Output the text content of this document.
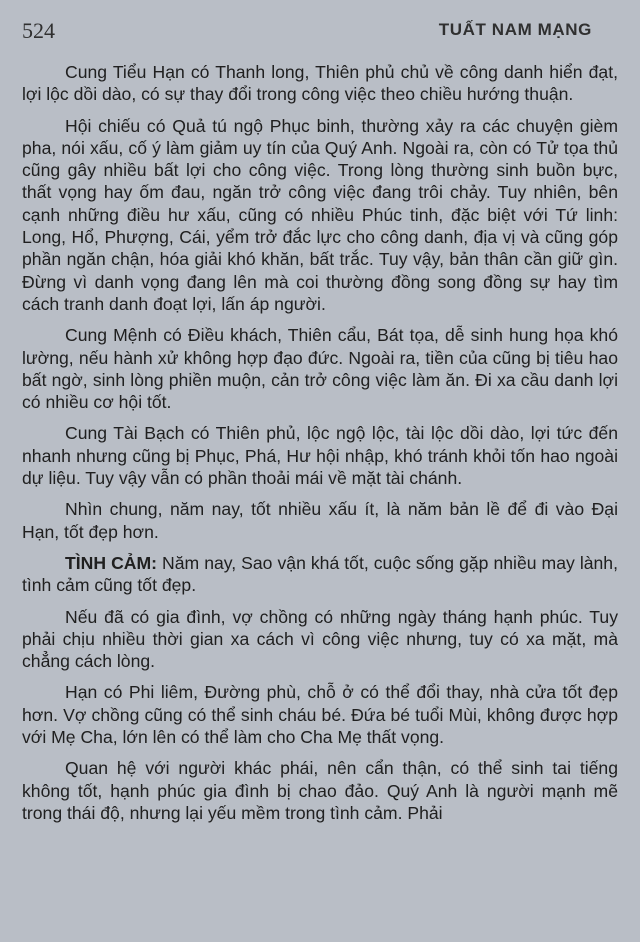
524	TUẤT NAM MẠNG

Cung Tiểu Hạn có Thanh long, Thiên phủ chủ về công danh hiển đạt, lợi lộc dồi dào, có sự thay đổi trong công việc theo chiều hướng thuận.

Hội chiếu có Quả tú ngộ Phục binh, thường xảy ra các chuyện gièm pha, nói xấu, cố ý làm giảm uy tín của Quý Anh. Ngoài ra, còn có Tử tọa thủ cũng gây nhiều bất lợi cho công việc. Trong lòng thường sinh buồn bực, thất vọng hay ốm đau, ngăn trở công việc đang trôi chảy. Tuy nhiên, bên cạnh những điều hư xấu, cũng có nhiều Phúc tinh, đặc biệt với Tứ linh: Long, Hổ, Phượng, Cái, yểm trở đắc lực cho công danh, địa vị và cũng góp phần ngăn chận, hóa giải khó khăn, bất trắc. Tuy vậy, bản thân cần giữ gìn. Đừng vì danh vọng đang lên mà coi thường đồng song đồng sự hay tìm cách tranh danh đoạt lợi, lấn áp người.

Cung Mệnh có Điều khách, Thiên cẩu, Bát tọa, dễ sinh hung họa khó lường, nếu hành xử không hợp đạo đức. Ngoài ra, tiền của cũng bị tiêu hao bất ngờ, sinh lòng phiền muộn, cản trở công việc làm ăn. Đi xa cầu danh lợi có nhiều cơ hội tốt.

Cung Tài Bạch có Thiên phủ, lộc ngộ lộc, tài lộc dồi dào, lợi tức đến nhanh nhưng cũng bị Phục, Phá, Hư hội nhập, khó tránh khỏi tốn hao ngoài dự liệu. Tuy vậy vẫn có phần thoải mái về mặt tài chánh.

Nhìn chung, năm nay, tốt nhiều xấu ít, là năm bản lề để đi vào Đại Hạn, tốt đẹp hơn.

TÌNH CẢM: Năm nay, Sao vận khá tốt, cuộc sống gặp nhiều may lành, tình cảm cũng tốt đẹp.

Nếu đã có gia đình, vợ chồng có những ngày tháng hạnh phúc. Tuy phải chịu nhiều thời gian xa cách vì công việc nhưng, tuy có xa mặt, mà chẳng cách lòng.

Hạn có Phi liêm, Đường phù, chỗ ở có thể đổi thay, nhà cửa tốt đẹp hơn. Vợ chồng cũng có thể sinh cháu bé. Đứa bé tuổi Mùi, không được hợp với Mẹ Cha, lớn lên có thể làm cho Cha Mẹ thất vọng.

Quan hệ với người khác phái, nên cẩn thận, có thể sinh tai tiếng không tốt, hạnh phúc gia đình bị chao đảo. Quý Anh là người mạnh mẽ trong thái độ, nhưng lại yếu mềm trong tình cảm. Phải
